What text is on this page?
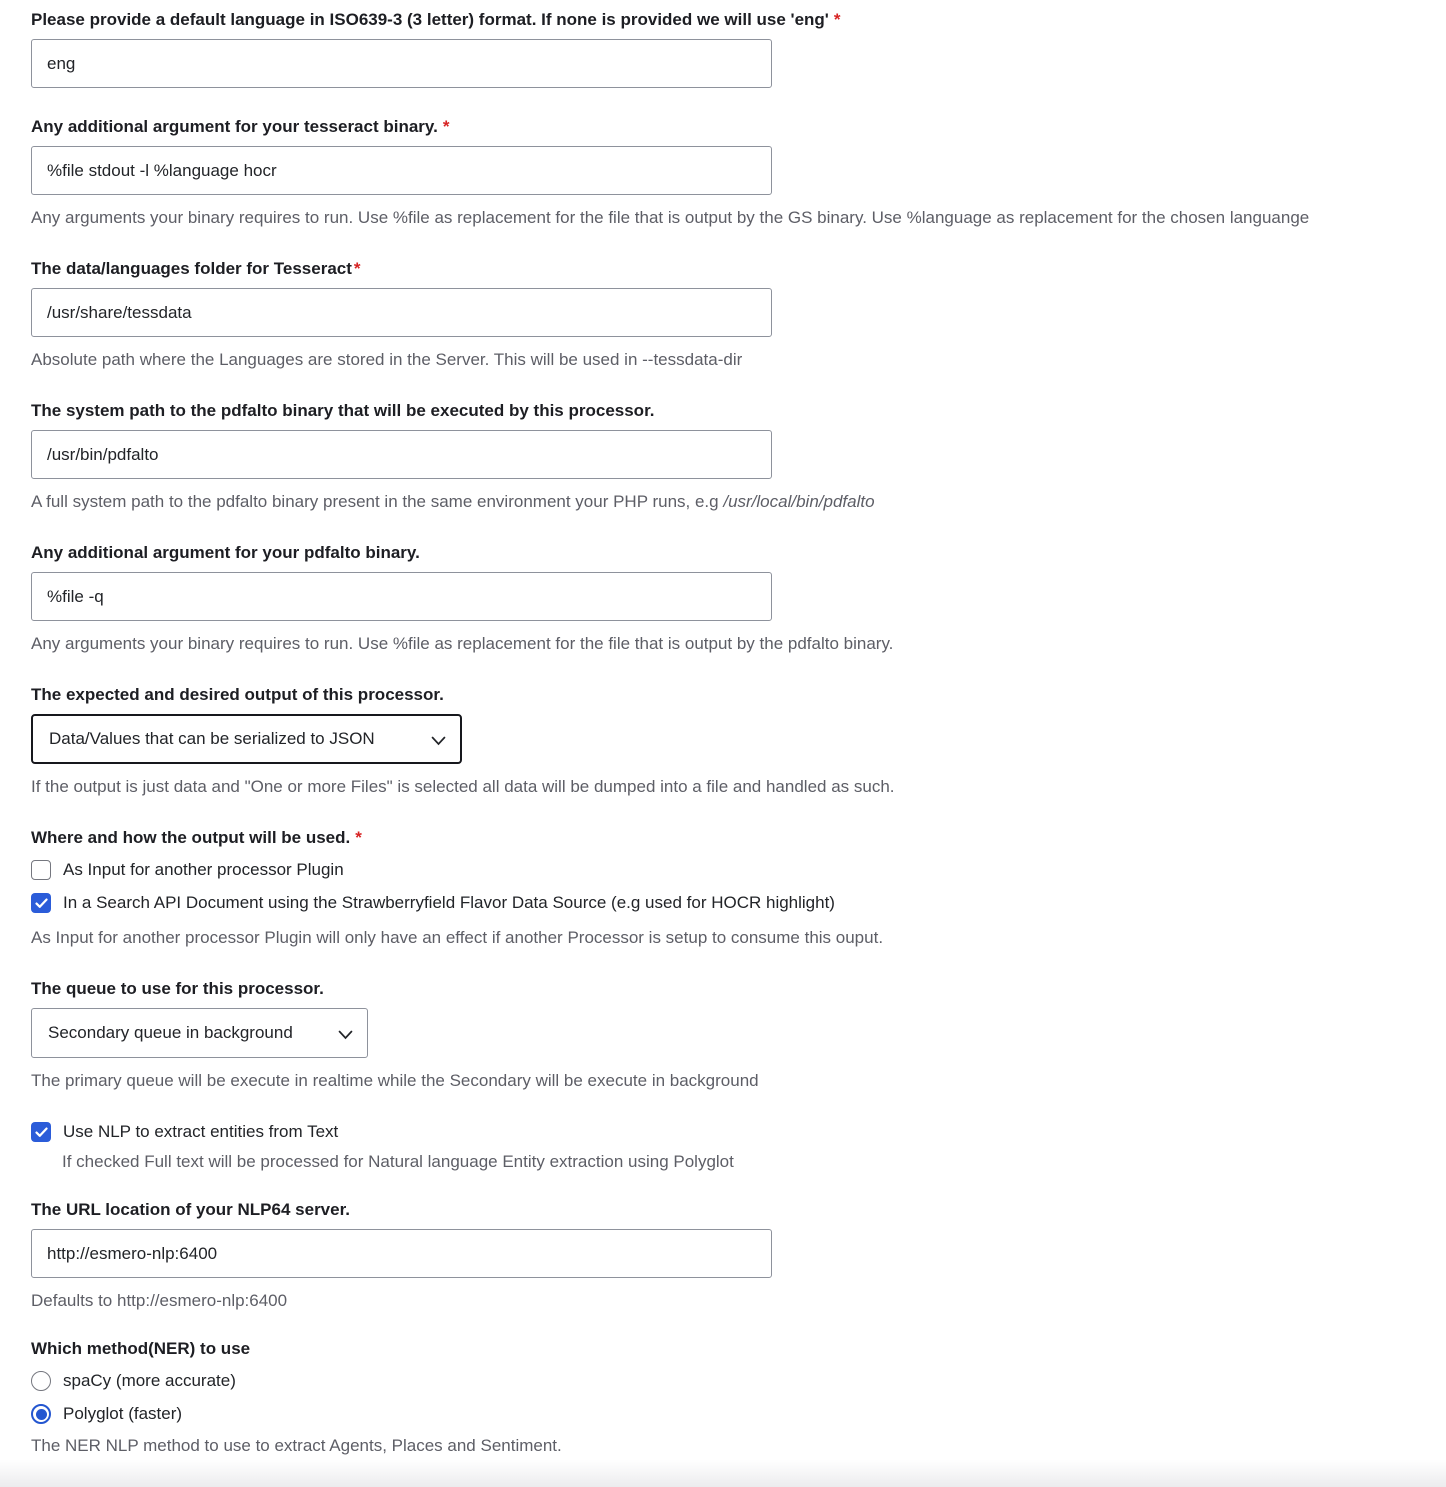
Please provide a default language in ISO639-3 (3 letter) format. If none is provided we will use 'eng' *
eng
Any additional argument for your tesseract binary. *
%file stdout -l %language hocr
Any arguments your binary requires to run. Use %file as replacement for the file that is output by the GS binary. Use %language as replacement for the chosen languange
The data/languages folder for Tesseract *
/usr/share/tessdata
Absolute path where the Languages are stored in the Server. This will be used in --tessdata-dir
The system path to the pdfalto binary that will be executed by this processor.
/usr/bin/pdfalto
A full system path to the pdfalto binary present in the same environment your PHP runs, e.g /usr/local/bin/pdfalto
Any additional argument for your pdfalto binary.
%file -q
Any arguments your binary requires to run. Use %file as replacement for the file that is output by the pdfalto binary.
The expected and desired output of this processor.
Data/Values that can be serialized to JSON
If the output is just data and "One or more Files" is selected all data will be dumped into a file and handled as such.
Where and how the output will be used. *
As Input for another processor Plugin
In a Search API Document using the Strawberryfield Flavor Data Source (e.g used for HOCR highlight)
As Input for another processor Plugin will only have an effect if another Processor is setup to consume this ouput.
The queue to use for this processor.
Secondary queue in background
The primary queue will be execute in realtime while the Secondary will be execute in background
Use NLP to extract entities from Text
If checked Full text will be processed for Natural language Entity extraction using Polyglot
The URL location of your NLP64 server.
http://esmero-nlp:6400
Defaults to http://esmero-nlp:6400
Which method(NER) to use
spaCy (more accurate)
Polyglot (faster)
The NER NLP method to use to extract Agents, Places and Sentiment.
